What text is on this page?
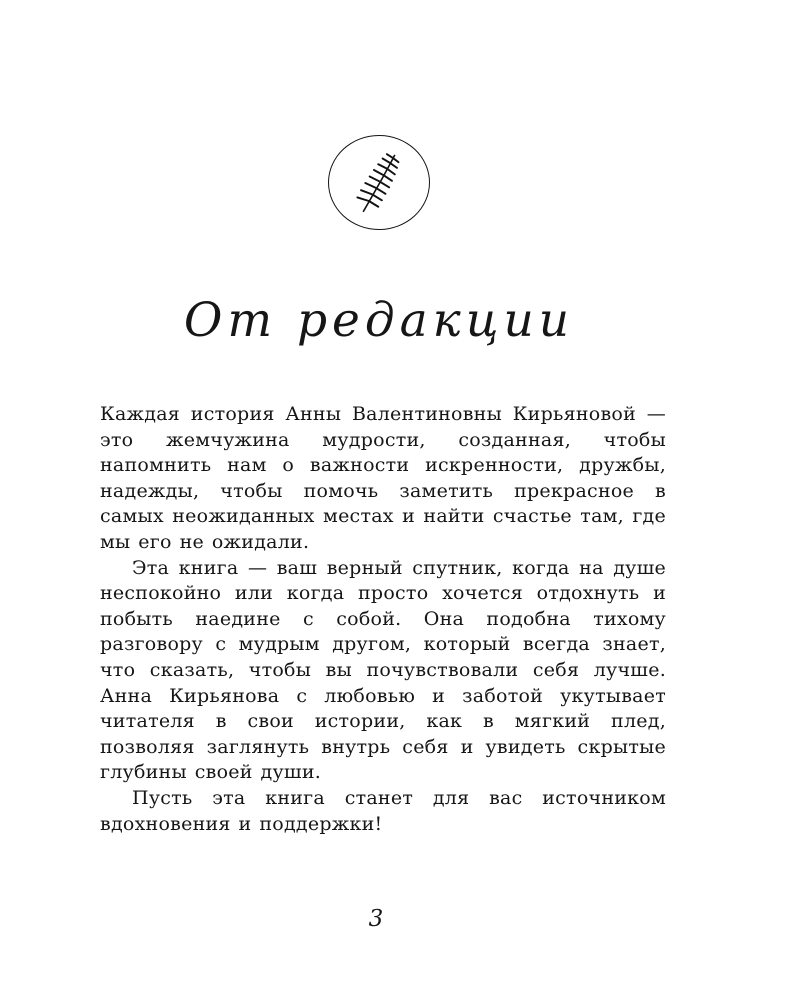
От редакции

Каждая история Анны Валентиновны Кирьяновой — это жемчужина мудрости, созданная, чтобы напомнить нам о важности искренности, дружбы, надежды, чтобы помочь заметить прекрасное в самых неожиданных местах и найти счастье там, где мы его не ожидали.

Эта книга — ваш верный спутник, когда на душе неспокойно или когда просто хочется отдохнуть и побыть наедине с собой. Она подобна тихому разговору с мудрым другом, который всегда знает, что сказать, чтобы вы почувствовали себя лучше. Анна Кирьянова с любовью и заботой укутывает читателя в свои истории, как в мягкий плед, позволяя заглянуть внутрь себя и увидеть скрытые глубины своей души.

Пусть эта книга станет для вас источником вдохновения и поддержки!

3
